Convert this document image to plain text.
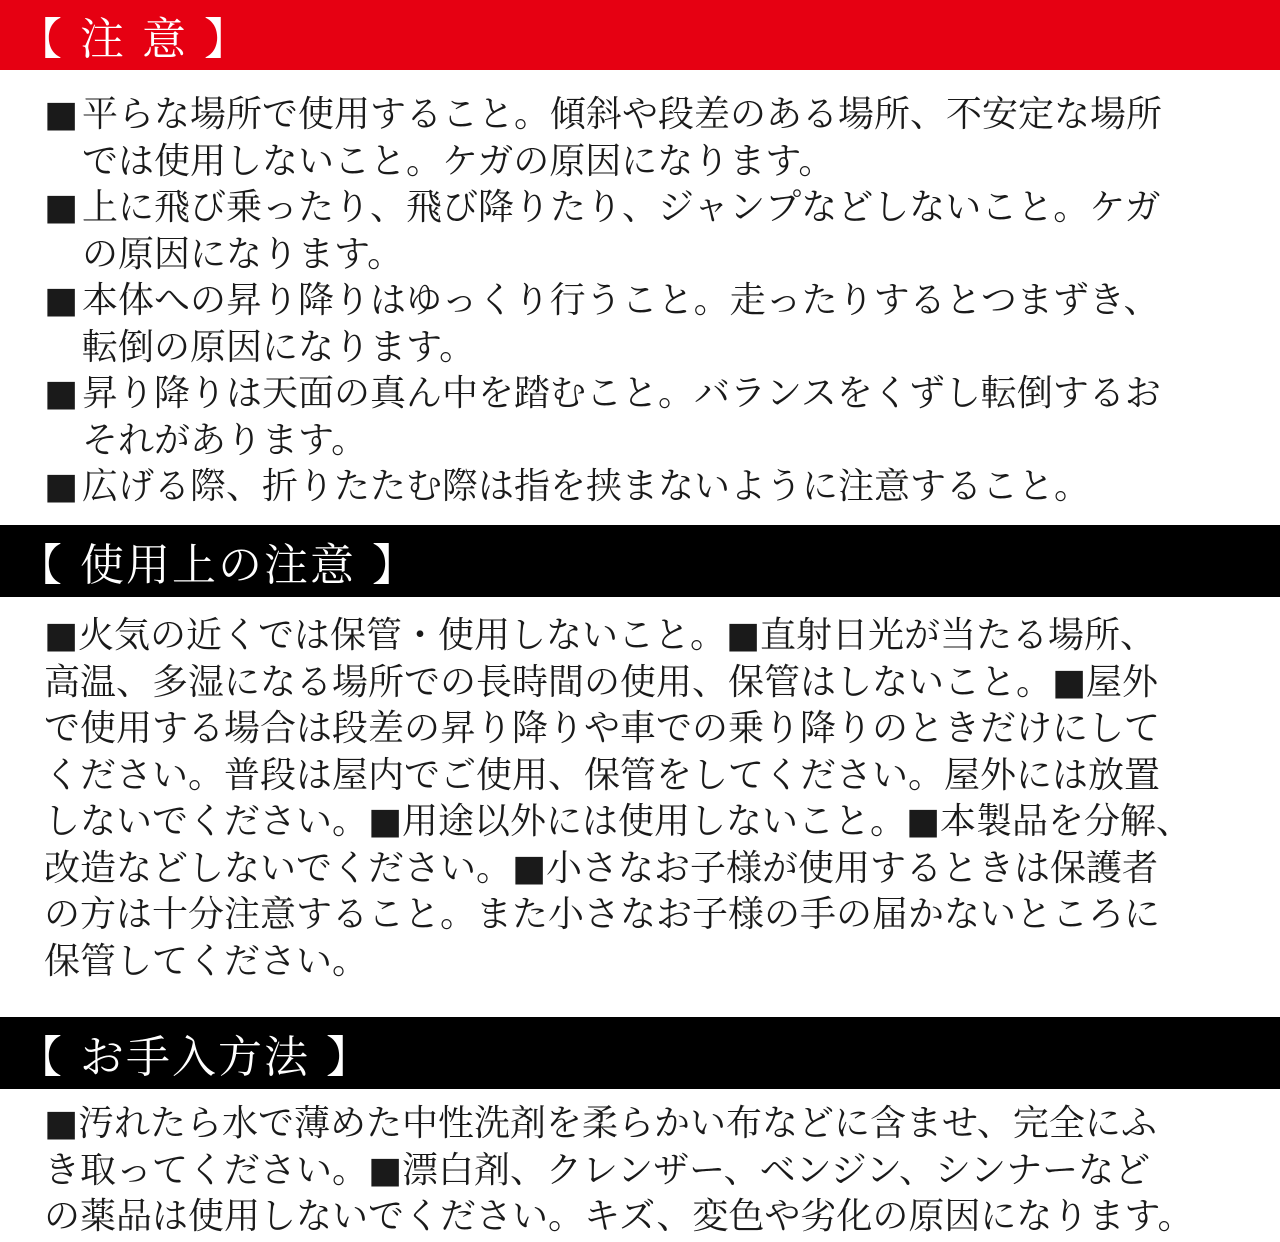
【 注 意 】
■ 平らな場所で使用すること。傾斜や段差のある場所、不安定な場所
では使用しないこと。ケガの原因になります。
■ 上に飛び乗ったり、飛び降りたり、ジャンプなどしないこと。ケガ
の原因になります。
■ 本体への昇り降りはゆっくり行うこと。走ったりするとつまずき、
転倒の原因になります。
■ 昇り降りは天面の真ん中を踏むこと。バランスをくずし転倒するお
それがあります。
■ 広げる際、折りたたむ際は指を挟まないように注意すること。
【 使用上の注意 】

■火気の近くでは保管・使用しないこと。■直射日光が当たる場所、

高温、多湿になる場所での長時間の使用、保管はしないこと。■屋外

で使用する場合は段差の昇り降りや車での乗り降りのときだけにして

ください。普段は屋内でご使用、保管をしてください。屋外には放置

しないでください。■用途以外には使用しないこと。■本製品を分解、

改造などしないでください。■小さなお子様が使用するときは保護者

の方は十分注意すること。また小さなお子様の手の届かないところに

保管してください。

【 お手入方法 】

■汚れたら水で薄めた中性洗剤を柔らかい布などに含ませ、完全にふ

き取ってください。■漂白剤、クレンザー、ベンジン、シンナーなど

の薬品は使用しないでください。キズ、変色や劣化の原因になります。
